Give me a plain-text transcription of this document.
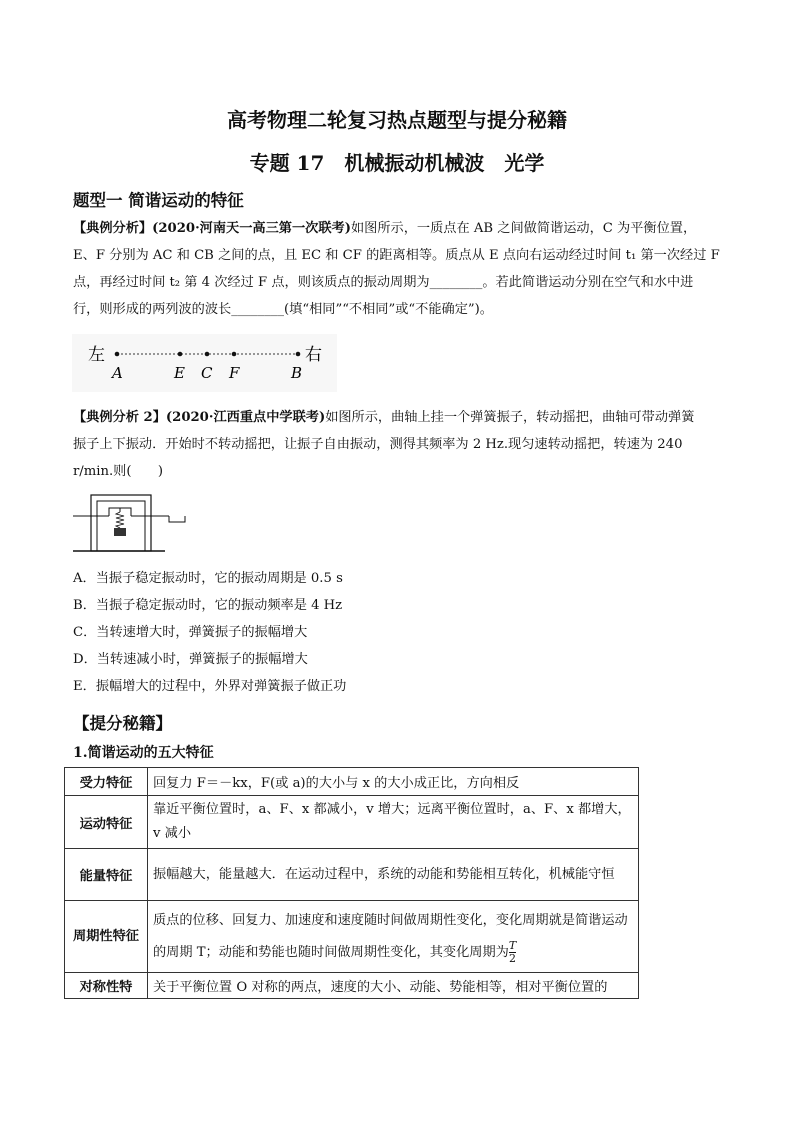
高考物理二轮复习热点题型与提分秘籍
专题 17　机械振动机械波　光学
题型一 简谐运动的特征
【典例分析】(2020·河南天一高三第一次联考)如图所示，一质点在 AB 之间做简谐运动，C 为平衡位置，
E、F 分别为 AC 和 CB 之间的点，且 EC 和 CF 的距离相等。质点从 E 点向右运动经过时间 t₁ 第一次经过 F
点，再经过时间 t₂ 第 4 次经过 F 点，则该质点的振动周期为________。若此简谐运动分别在空气和水中进
行，则形成的两列波的波长________(填“相同”“不相同”或“不能确定”)。
左	右
A	E C F	B
【典例分析 2】(2020·江西重点中学联考)如图所示，曲轴上挂一个弹簧振子，转动摇把，曲轴可带动弹簧
振子上下振动．开始时不转动摇把，让振子自由振动，测得其频率为 2 Hz.现匀速转动摇把，转速为 240
r/min.则(　　)
A．当振子稳定振动时，它的振动周期是 0.5 s
B．当振子稳定振动时，它的振动频率是 4 Hz
C．当转速增大时，弹簧振子的振幅增大
D．当转速减小时，弹簧振子的振幅增大
E．振幅增大的过程中，外界对弹簧振子做正功
【提分秘籍】
1.简谐运动的五大特征
受力特征	回复力 F＝－kx，F(或 a)的大小与 x 的大小成正比，方向相反
运动特征	靠近平衡位置时，a、F、x 都减小，v 增大；远离平衡位置时，a、F、x 都增大，v 减小
能量特征	振幅越大，能量越大．在运动过程中，系统的动能和势能相互转化，机械能守恒
周期性特征	质点的位移、回复力、加速度和速度随时间做周期性变化，变化周期就是简谐运动的周期 T；动能和势能也随时间做周期性变化，其变化周期为 $\frac{T}{2}$

对称性特	关于平衡位置 O 对称的两点，速度的大小、动能、势能相等，相对平衡位置的
